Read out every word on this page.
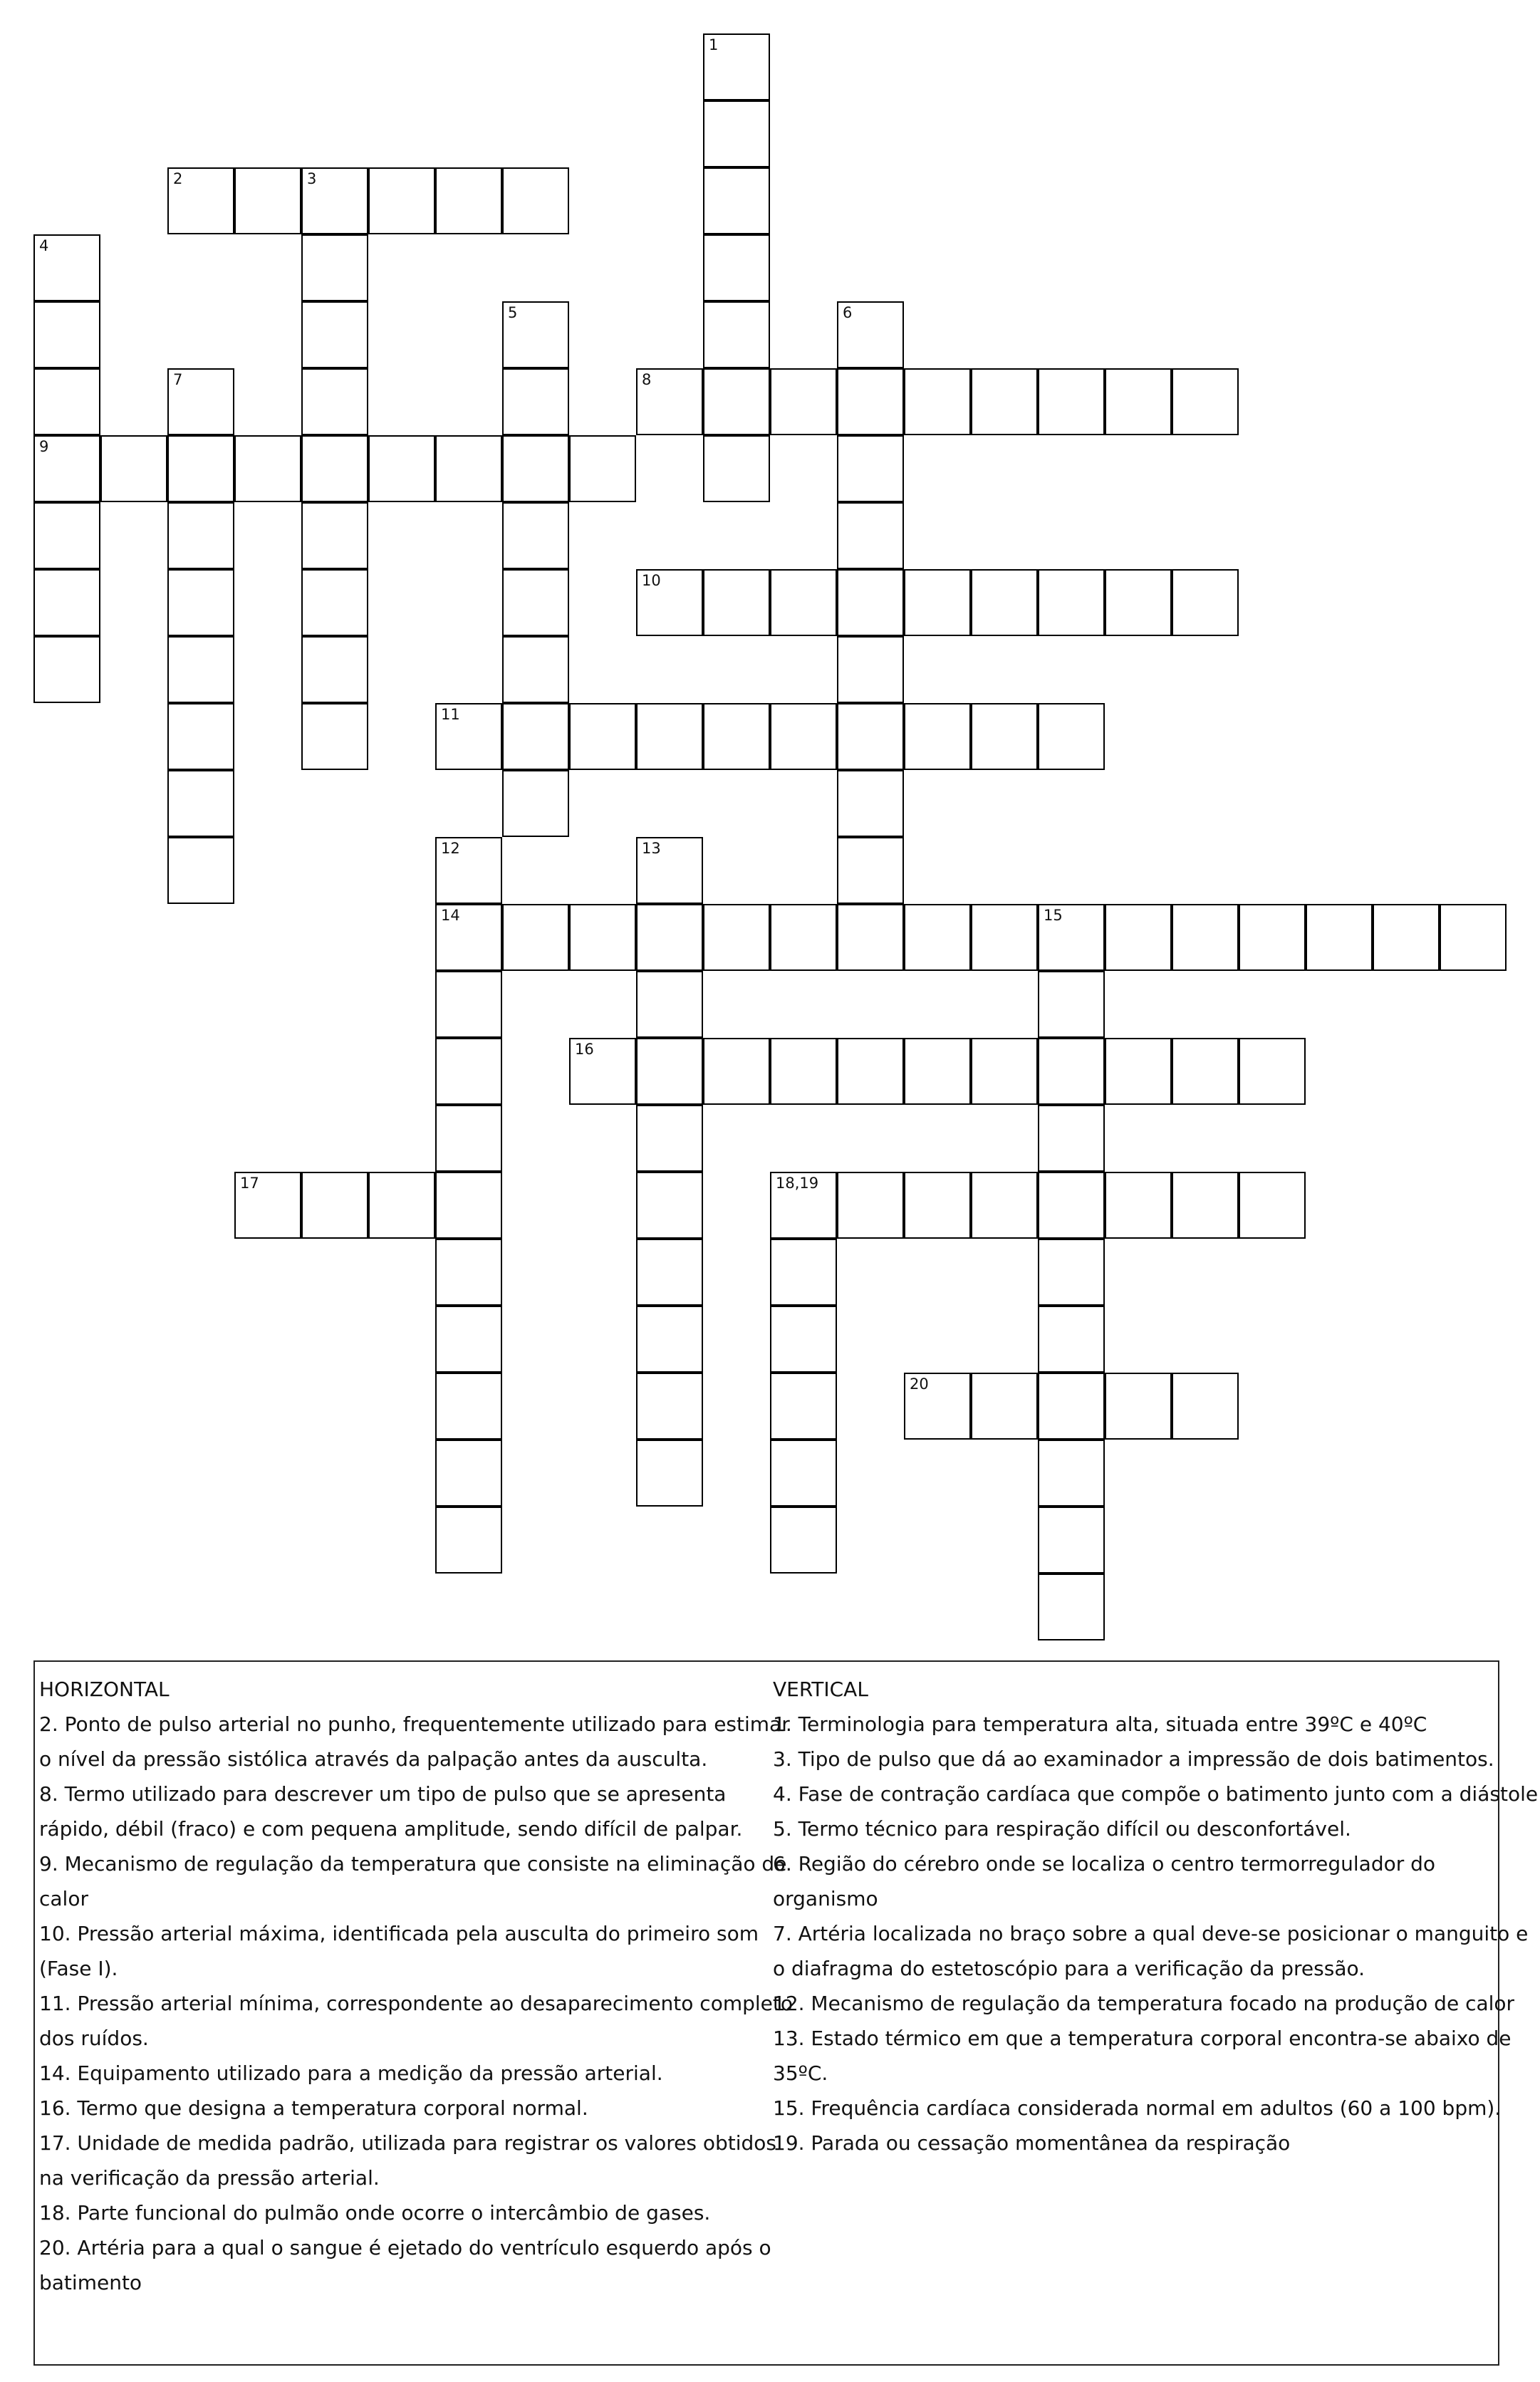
1
2	3
4
9
5	6
8
7
10
11
12
14
13
15
16
17	18,19
20
HORIZONTAL
2. Ponto de pulso arterial no punho, frequentemente utilizado para estimar
o nível da pressão sistólica através da palpação antes da ausculta.
8. Termo utilizado para descrever um tipo de pulso que se apresenta
rápido, débil (fraco) e com pequena amplitude, sendo difícil de palpar.
9. Mecanismo de regulação da temperatura que consiste na eliminação de
calor
10. Pressão arterial máxima, identificada pela ausculta do primeiro som
(Fase I).
11. Pressão arterial mínima, correspondente ao desaparecimento completo
dos ruídos.
14. Equipamento utilizado para a medição da pressão arterial.
16. Termo que designa a temperatura corporal normal.
17. Unidade de medida padrão, utilizada para registrar os valores obtidos
na verificação da pressão arterial.
18. Parte funcional do pulmão onde ocorre o intercâmbio de gases.
20. Artéria para a qual o sangue é ejetado do ventrículo esquerdo após o
batimento
VERTICAL
1. Terminologia para temperatura alta, situada entre 39ºC e 40ºC
3. Tipo de pulso que dá ao examinador a impressão de dois batimentos.
4. Fase de contração cardíaca que compõe o batimento junto com a diástole
5. Termo técnico para respiração difícil ou desconfortável.
6. Região do cérebro onde se localiza o centro termorregulador do
organismo
7. Artéria localizada no braço sobre a qual deve-se posicionar o manguito e
o diafragma do estetoscópio para a verificação da pressão.
12. Mecanismo de regulação da temperatura focado na produção de calor
13. Estado térmico em que a temperatura corporal encontra-se abaixo de
35ºC.
15. Frequência cardíaca considerada normal em adultos (60 a 100 bpm).
19. Parada ou cessação momentânea da respiração
